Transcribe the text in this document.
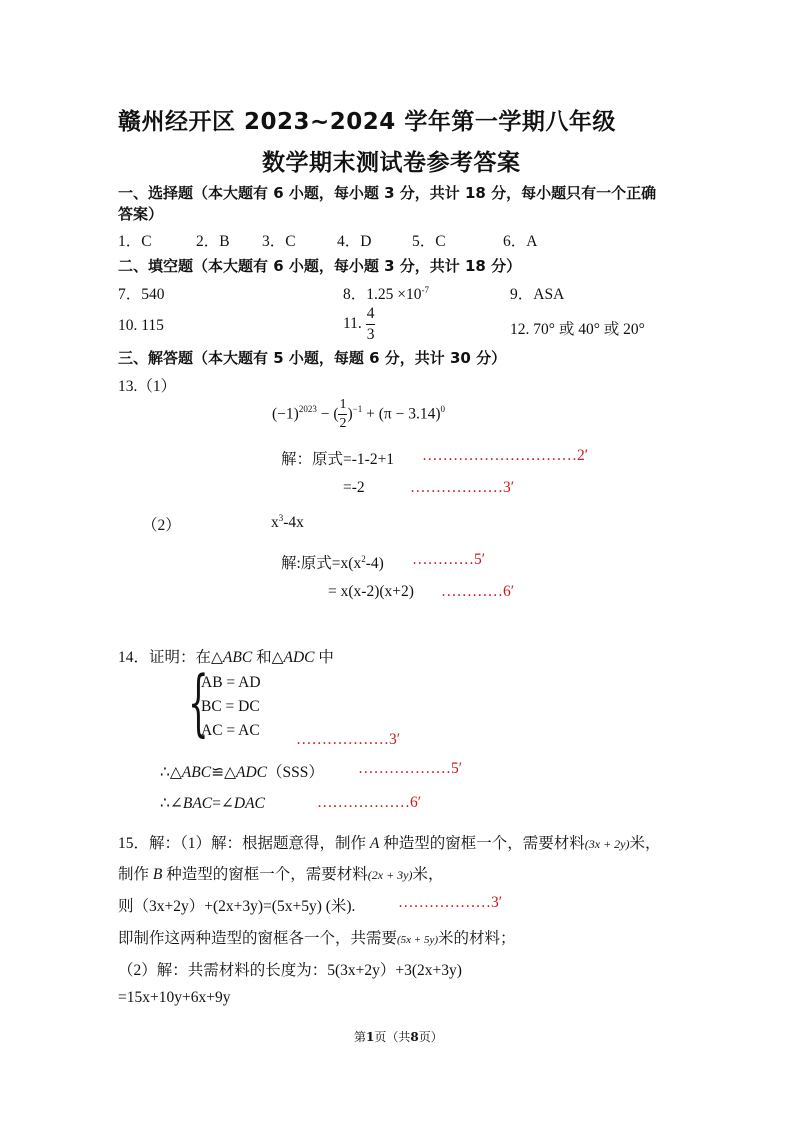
赣州经开区 2023~2024 学年第一学期八年级
数学期末测试卷参考答案
一、选择题（本大题有 6 小题，每小题 3 分，共计 18 分，每小题只有一个正确
答案）
1．C	2．B 3．C	4．D	5．C	6．A
二、填空题（本大题有 6 小题，每小题 3 分，共计 18 分）
7．540	8．$1.25 \times 10^{-7}$	9．ASA
10. 115	11. $\frac{4}{3}$	12. 70° 或 40° 或 20°
三、解答题（本大题有 5 小题，每题 6 分，共计 30 分）
13.（1）
$(-1)^{2023}$ − ( $\frac{1}{2} )^{-1} + (\pi - 3.14)^0$
解：原式=-1-2+1 …………………………2′
=-2	………………3′
（2）	$x^3-4x$
解:原式$=x(x^2-4)$ …………5′
= x(x-2)(x+2) …………6′
14．证明：在△ABC 和△ADC 中
{
AB = AD
BC = DC
AC = AC
………………3′
∴△ABC≌△ADC（SSS） ………………5′
∴∠BAC=∠DAC	………………6′
15．解：（1）解：根据题意得，制作 A 种造型的窗框一个，需要材料(3x + 2y)米，
制作 B 种造型的窗框一个，需要材料(2x + 3y)米，
则（3x+2y）+(2x+3y)=(5x+5y) (米).	………………3′
即制作这两种造型的窗框各一个，共需要(5x + 5y)米的材料；
（2）解：共需材料的长度为：5(3x+2y）+3(2x+3y)
=15x+10y+6x+9y
第1页（共8页）
